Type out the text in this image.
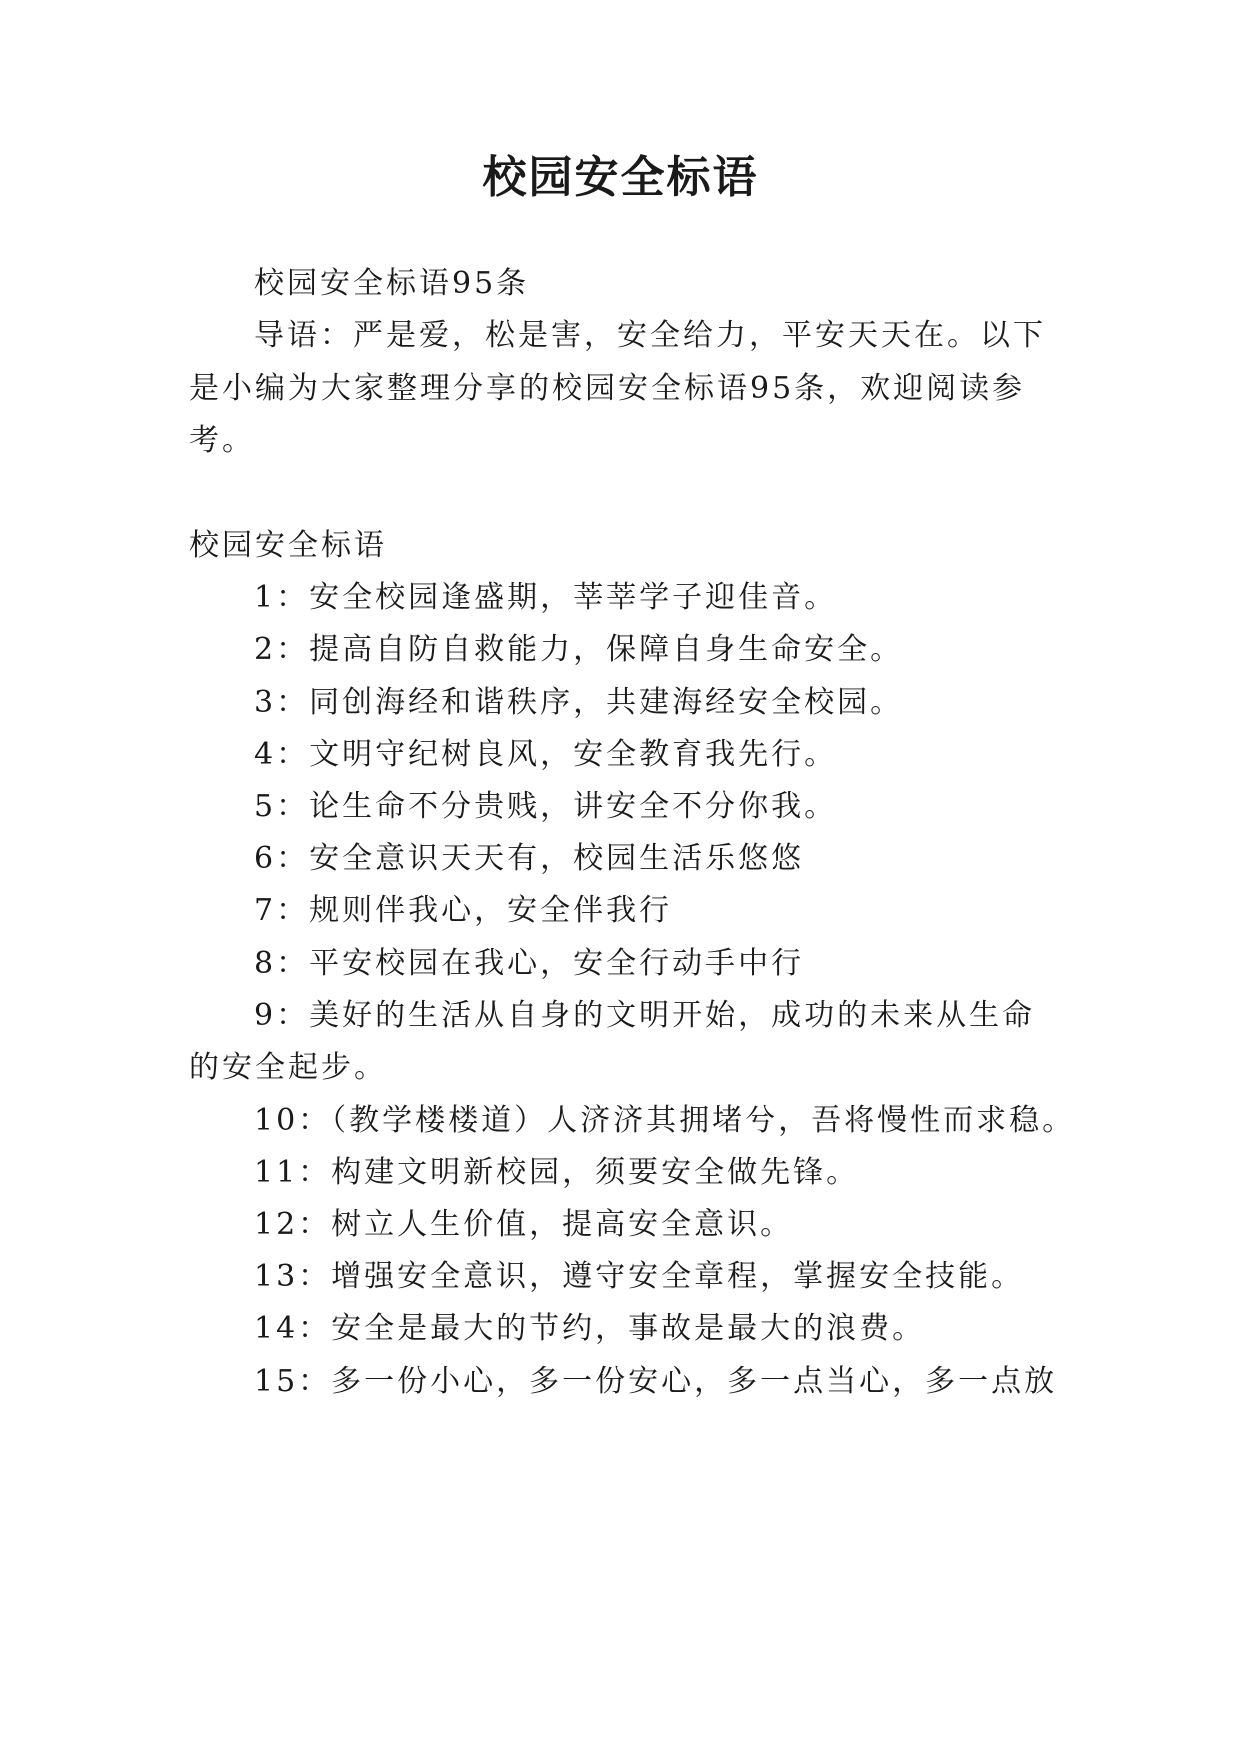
校园安全标语
校园安全标语95条
导语：严是爱，松是害，安全给力，平安天天在。以下
是小编为大家整理分享的校园安全标语95条，欢迎阅读参
考。
校园安全标语
1：安全校园逢盛期，莘莘学子迎佳音。
2：提高自防自救能力，保障自身生命安全。
3：同创海经和谐秩序，共建海经安全校园。
4：文明守纪树良风，安全教育我先行。
5：论生命不分贵贱，讲安全不分你我。
6：安全意识天天有，校园生活乐悠悠
7：规则伴我心，安全伴我行
8：平安校园在我心，安全行动手中行
9：美好的生活从自身的文明开始，成功的未来从生命
的安全起步。
10：（教学楼楼道）人济济其拥堵兮，吾将慢性而求稳。
11：构建文明新校园，须要安全做先锋。
12：树立人生价值，提高安全意识。
13：增强安全意识，遵守安全章程，掌握安全技能。
14：安全是最大的节约，事故是最大的浪费。
15：多一份小心，多一份安心，多一点当心，多一点放
